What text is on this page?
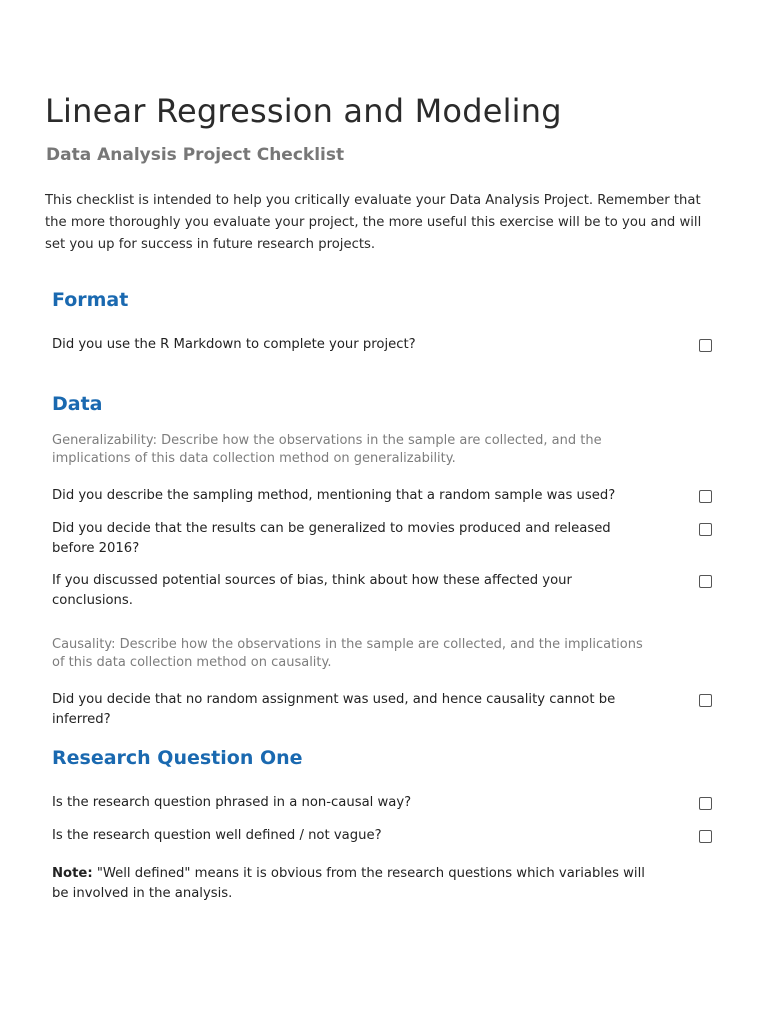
Linear Regression and Modeling
Data Analysis Project Checklist

This checklist is intended to help you critically evaluate your Data Analysis Project. Remember that the more thoroughly you evaluate your project, the more useful this exercise will be to you and will set you up for success in future research projects.

Format
Did you use the R Markdown to complete your project?
Data

Generalizability: Describe how the observations in the sample are collected, and the implications of this data collection method on generalizability.

Did you describe the sampling method, mentioning that a random sample was used?
Did you decide that the results can be generalized to movies produced and released before 2016?
If you discussed potential sources of bias, think about how these affected your conclusions.

Causality: Describe how the observations in the sample are collected, and the implications of this data collection method on causality.

Did you decide that no random assignment was used, and hence causality cannot be inferred?
Research Question One
Is the research question phrased in a non-causal way?
Is the research question well defined / not vague?

Note: "Well defined" means it is obvious from the research questions which variables will be involved in the analysis.
